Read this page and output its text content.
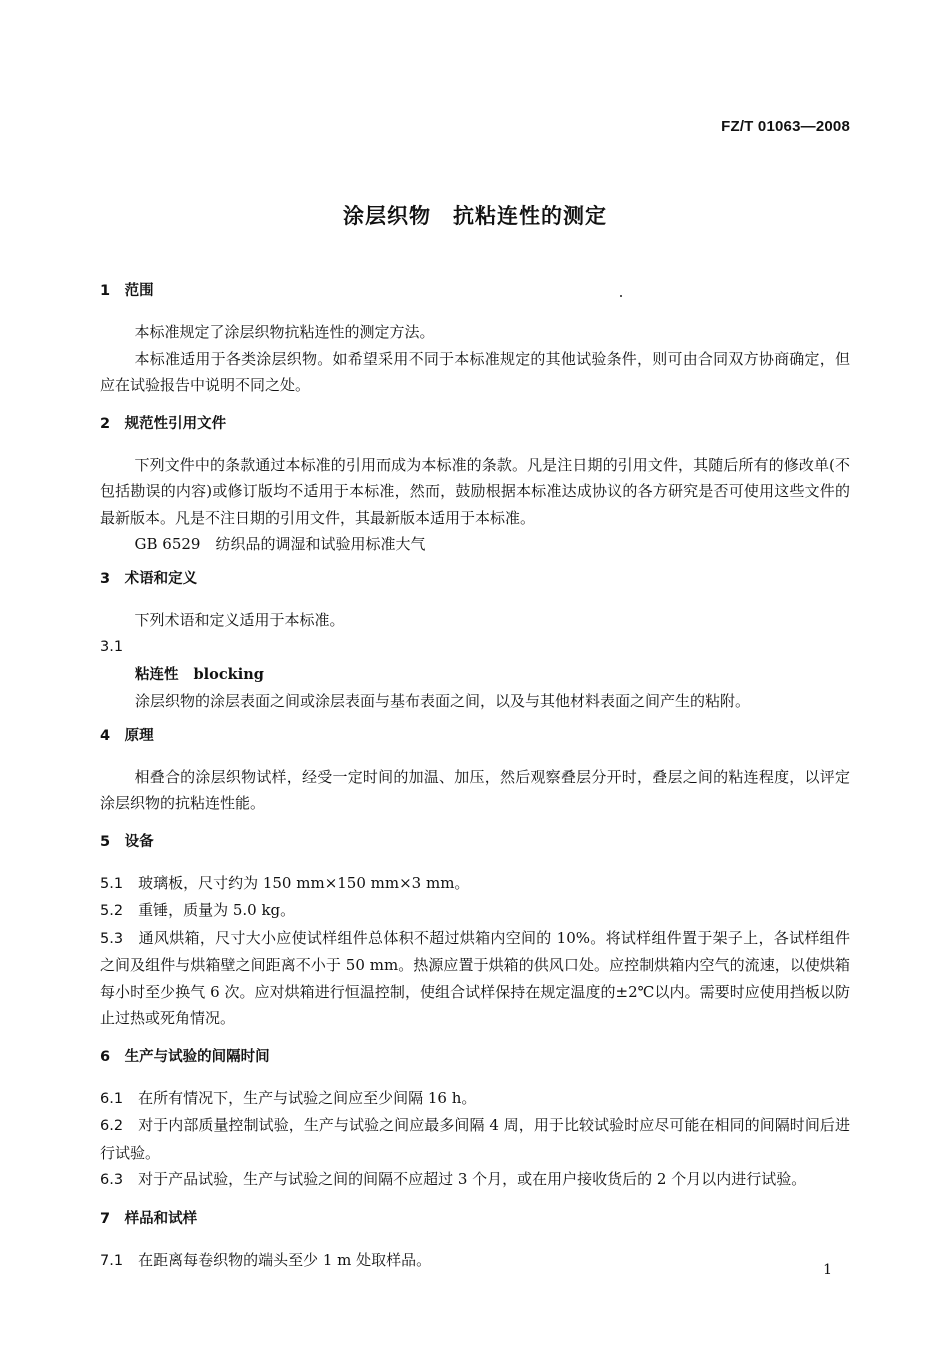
FZ/T 01063—2008
涂层织物　抗粘连性的测定
1　范围

本标准规定了涂层织物抗粘连性的测定方法。

本标准适用于各类涂层织物。如希望采用不同于本标准规定的其他试验条件，则可由合同双方协商确定，但应在试验报告中说明不同之处。

2　规范性引用文件

下列文件中的条款通过本标准的引用而成为本标准的条款。凡是注日期的引用文件，其随后所有的修改单(不包括勘误的内容)或修订版均不适用于本标准，然而，鼓励根据本标准达成协议的各方研究是否可使用这些文件的最新版本。凡是不注日期的引用文件，其最新版本适用于本标准。

GB 6529　纺织品的调湿和试验用标准大气

3　术语和定义

下列术语和定义适用于本标准。

3.1

粘连性　 blocking

涂层织物的涂层表面之间或涂层表面与基布表面之间，以及与其他材料表面之间产生的粘附。

4　原理

相叠合的涂层织物试样，经受一定时间的加温、加压，然后观察叠层分开时，叠层之间的粘连程度，以评定涂层织物的抗粘连性能。

5　设备

5.1　 玻璃板，尺寸约为 150 mm×150 mm×3 mm。

5.2　 重锤，质量为 5.0 kg。

5.3　 通风烘箱，尺寸大小应使试样组件总体积不超过烘箱内空间的 10%。将试样组件置于架子上，各试样组件之间及组件与烘箱壁之间距离不小于 50 mm。热源应置于烘箱的供风口处。应控制烘箱内空气的流速，以使烘箱每小时至少换气 6 次。应对烘箱进行恒温控制，使组合试样保持在规定温度的±2℃以内。需要时应使用挡板以防止过热或死角情况。

6　生产与试验的间隔时间

6.1　 在所有情况下，生产与试验之间应至少间隔 16 h。

6.2　 对于内部质量控制试验，生产与试验之间应最多间隔 4 周，用于比较试验时应尽可能在相同的间隔时间后进行试验。

6.3　 对于产品试验，生产与试验之间的间隔不应超过 3 个月，或在用户接收货后的 2 个月以内进行试验。

7　样品和试样

7.1　 在距离每卷织物的端头至少 1 m 处取样品。

1
